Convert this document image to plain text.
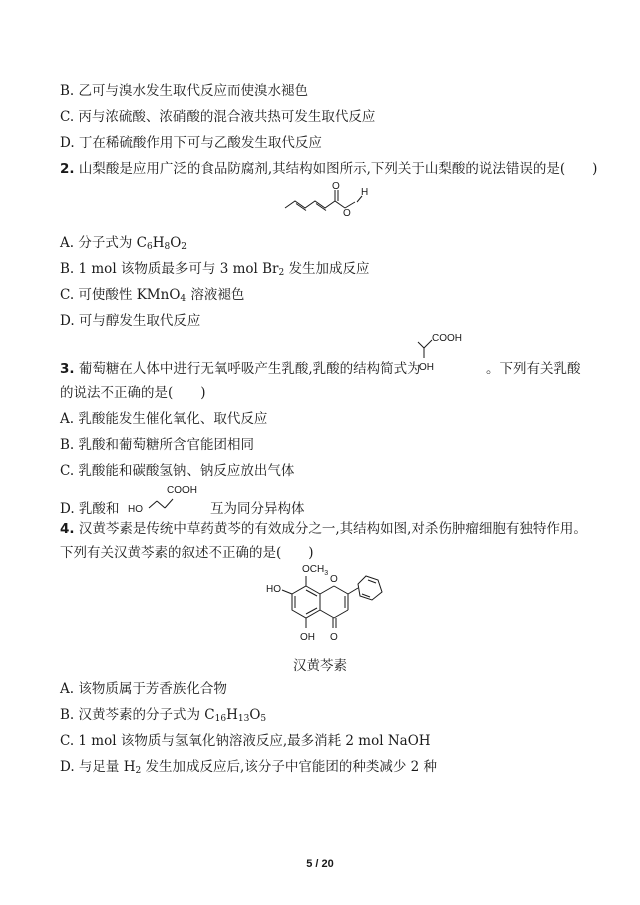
B. 乙可与溴水发生取代反应而使溴水褪色
C. 丙与浓硫酸、浓硝酸的混合液共热可发生取代反应
D. 丁在稀硫酸作用下可与乙酸发生取代反应
2. 山梨酸是应用广泛的食品防腐剂,其结构如图所示,下列关于山梨酸的说法错误的是(　　)
O
O
H
A. 分子式为 $C_6H_8O_2$
B. 1 mol 该物质最多可与 3 mol $Br_2$ 发生加成反应
C. 可使酸性 KMnO$_4$ 溶液褪色
D. 可与醇发生取代反应
COOH
OH
3. 葡萄糖在人体中进行无氧呼吸产生乳酸,乳酸的结构简式为	。下列有关乳酸
的说法不正确的是(　　)
A. 乳酸能发生催化氧化、取代反应
B. 乳酸和葡萄糖所含官能团相同
C. 乳酸能和碳酸氢钠、钠反应放出气体
HO
COOH
D. 乳酸和	互为同分异构体
4. 汉黄芩素是传统中草药黄芩的有效成分之一,其结构如图,对杀伤肿瘤细胞有独特作用。
下列有关汉黄芩素的叙述不正确的是(　　)
$OCH_3$
HO
OH
O
O
汉黄芩素
A. 该物质属于芳香族化合物
B. 汉黄芩素的分子式为 $C_{16}H_{13}O_5$
C. 1 mol 该物质与氢氧化钠溶液反应,最多消耗 2 mol NaOH
D. 与足量 $H_2$ 发生加成反应后,该分子中官能团的种类减少 2 种
5 / 20
